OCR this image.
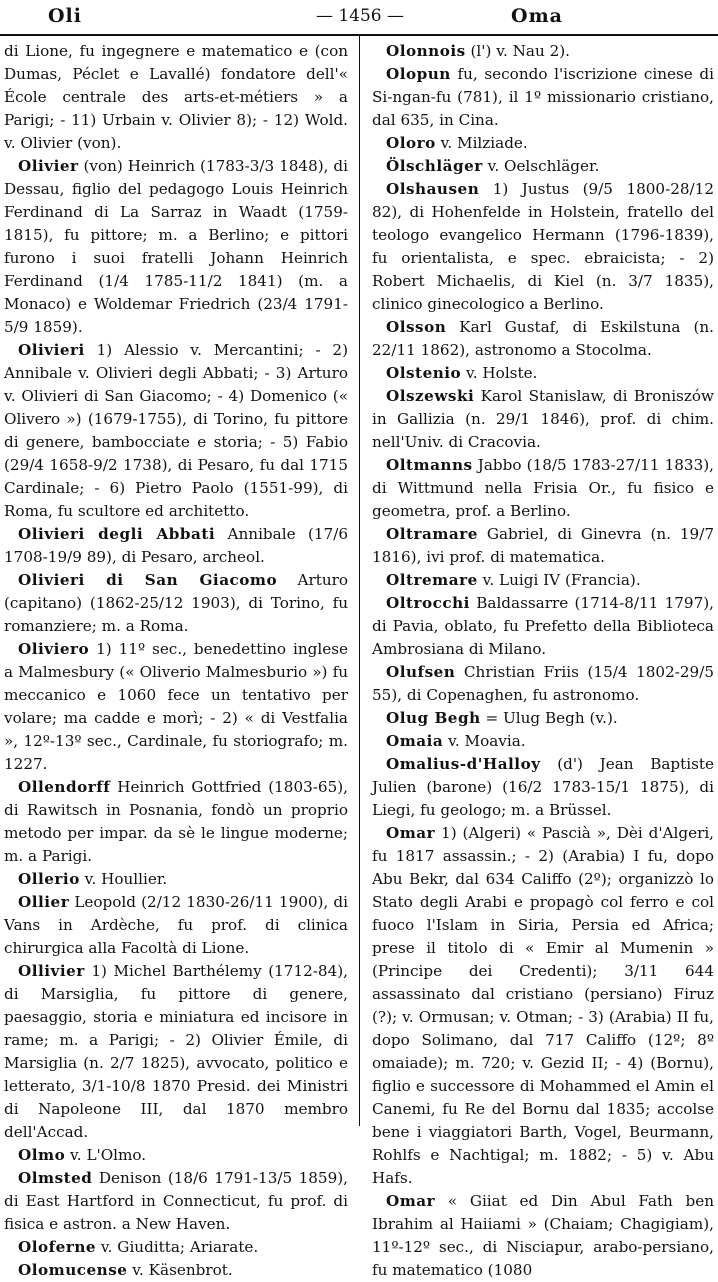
Oli	— 1456 —	Oma

di Lione, fu ingegnere e matematico e (con Dumas, Péclet e Lavallé) fondatore dell'« École centrale des arts-et-métiers » a Parigi; - 11) Urbain v. Olivier 8); - 12) Wold. v. Olivier (von).

Olivier (von) Heinrich (1783-3/3 1848), di Dessau, figlio del pedagogo Louis Heinrich Ferdinand di La Sarraz in Waadt (1759-1815), fu pittore; m. a Berlino; e pittori furono i suoi fratelli Johann Heinrich Ferdinand (1/4 1785-11/2 1841) (m. a Monaco) e Woldemar Friedrich (23/4 1791-5/9 1859).

Olivieri 1) Alessio v. Mercantini; - 2) Annibale v. Olivieri degli Abbati; - 3) Arturo v. Olivieri di San Giacomo; - 4) Domenico (« Olivero ») (1679-1755), di Torino, fu pittore di genere, bambocciate e storia; - 5) Fabio (29/4 1658-9/2 1738), di Pesaro, fu dal 1715 Cardinale; - 6) Pietro Paolo (1551-99), di Roma, fu scultore ed architetto.

Olivieri degli Abbati Annibale (17/6 1708-19/9 89), di Pesaro, archeol.

Olivieri di San Giacomo Arturo (capitano) (1862-25/12 1903), di Torino, fu romanziere; m. a Roma.

Oliviero 1) 11º sec., benedettino inglese a Malmesbury (« Oliverio Malmesburio ») fu meccanico e 1060 fece un tentativo per volare; ma cadde e morì; - 2) « di Vestfalia », 12º-13º sec., Cardinale, fu storiografo; m. 1227.

Ollendorff Heinrich Gottfried (1803-65), di Rawitsch in Posnania, fondò un proprio metodo per impar. da sè le lingue moderne; m. a Parigi.

Ollerio v. Houllier.

Ollier Leopold (2/12 1830-26/11 1900), di Vans in Ardèche, fu prof. di clinica chirurgica alla Facoltà di Lione.

Ollivier 1) Michel Barthélemy (1712-84), di Marsiglia, fu pittore di genere, paesaggio, storia e miniatura ed incisore in rame; m. a Parigi; - 2) Olivier Émile, di Marsiglia (n. 2/7 1825), avvocato, politico e letterato, 3/1-10/8 1870 Presid. dei Ministri di Napoleone III, dal 1870 membro dell'Accad.

Olmo v. L'Olmo.

Olmsted Denison (18/6 1791-13/5 1859), di East Hartford in Connecticut, fu prof. di fisica e astron. a New Haven.

Oloferne v. Giuditta; Ariarate.

Olomucense v. Käsenbrot.

Olonnois (l') v. Nau 2).

Olopun fu, secondo l'iscrizione cinese di Si-ngan-fu (781), il 1º missionario cristiano, dal 635, in Cina.

Oloro v. Milziade.

Ölschläger v. Oelschläger.

Olshausen 1) Justus (9/5 1800-28/12 82), di Hohenfelde in Holstein, fratello del teologo evangelico Hermann (1796-1839), fu orientalista, e spec. ebraicista; - 2) Robert Michaelis, di Kiel (n. 3/7 1835), clinico ginecologico a Berlino.

Olsson Karl Gustaf, di Eskilstuna (n. 22/11 1862), astronomo a Stocolma.

Olstenio v. Holste.

Olszewski Karol Stanislaw, di Broniszów in Gallizia (n. 29/1 1846), prof. di chim. nell'Univ. di Cracovia.

Oltmanns Jabbo (18/5 1783-27/11 1833), di Wittmund nella Frisia Or., fu fisico e geometra, prof. a Berlino.

Oltramare Gabriel, di Ginevra (n. 19/7 1816), ivi prof. di matematica.

Oltremare v. Luigi IV (Francia).

Oltrocchi Baldassarre (1714-8/11 1797), di Pavia, oblato, fu Prefetto della Biblioteca Ambrosiana di Milano.

Olufsen Christian Friis (15/4 1802-29/5 55), di Copenaghen, fu astronomo.

Olug Begh = Ulug Begh (v.).

Omaia v. Moavia.

Omalius-d'Halloy (d') Jean Baptiste Julien (barone) (16/2 1783-15/1 1875), di Liegi, fu geologo; m. a Brüssel.

Omar 1) (Algeri) « Pascià », Dèi d'Algeri, fu 1817 assassin.; - 2) (Arabia) I fu, dopo Abu Bekr, dal 634 Califfo (2º); organizzò lo Stato degli Arabi e propagò col ferro e col fuoco l'Islam in Siria, Persia ed Africa; prese il titolo di « Emir al Mumenin » (Principe dei Credenti); 3/11 644 assassinato dal cristiano (persiano) Firuz (?); v. Ormusan; v. Otman; - 3) (Arabia) II fu, dopo Solimano, dal 717 Califfo (12º; 8º omaiade); m. 720; v. Gezid II; - 4) (Bornu), figlio e successore di Mohammed el Amin el Canemi, fu Re del Bornu dal 1835; accolse bene i viaggiatori Barth, Vogel, Beurmann, Rohlfs e Nachtigal; m. 1882; - 5) v. Abu Hafs.

Omar « Giiat ed Din Abul Fath ben Ibrahim al Haiiami » (Chaiam; Chagigiam), 11º-12º sec., di Nisciapur, arabo-persiano, fu matematico (1080
